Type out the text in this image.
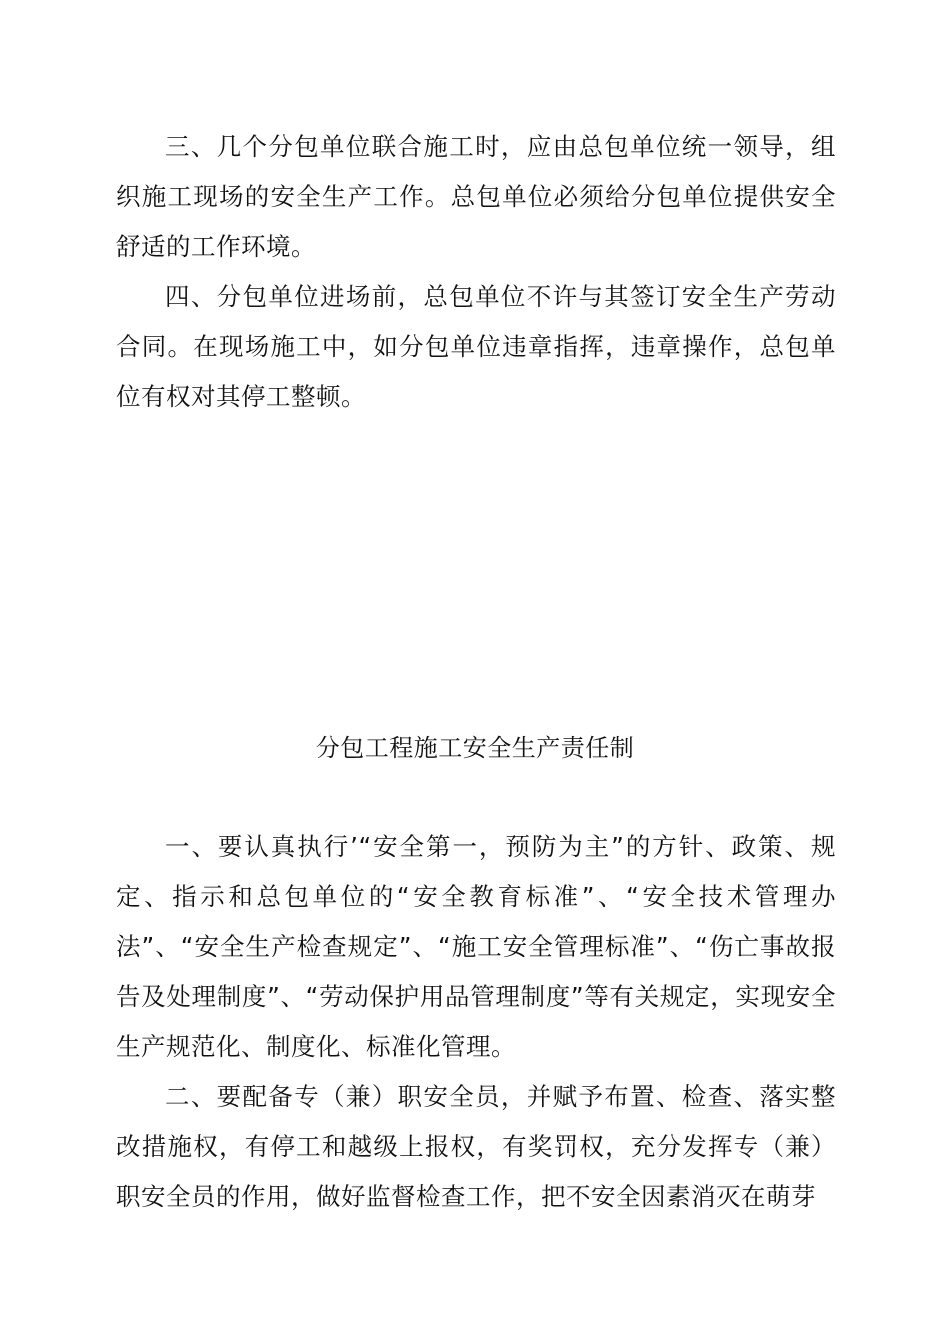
三、几个分包单位联合施工时，应由总包单位统一领导，组织施工现场的安全生产工作。总包单位必须给分包单位提供安全舒适的工作环境。

四、分包单位进场前，总包单位不许与其签订安全生产劳动合同。在现场施工中，如分包单位违章指挥，违章操作，总包单位有权对其停工整顿。

分包工程施工安全生产责任制

一、要认真执行’“安全第一，预防为主”的方针、政策、规定、指示和总包单位的“安全教育标准”、“安全技术管理办法”、“安全生产检查规定”、“施工安全管理标准”、“伤亡事故报告及处理制度”、“劳动保护用品管理制度”等有关规定，实现安全生产规范化、制度化、标准化管理。

二、要配备专（兼）职安全员，并赋予布置、检查、落实整改措施权，有停工和越级上报权，有奖罚权，充分发挥专（兼）职安全员的作用，做好监督检查工作，把不安全因素消灭在萌芽
